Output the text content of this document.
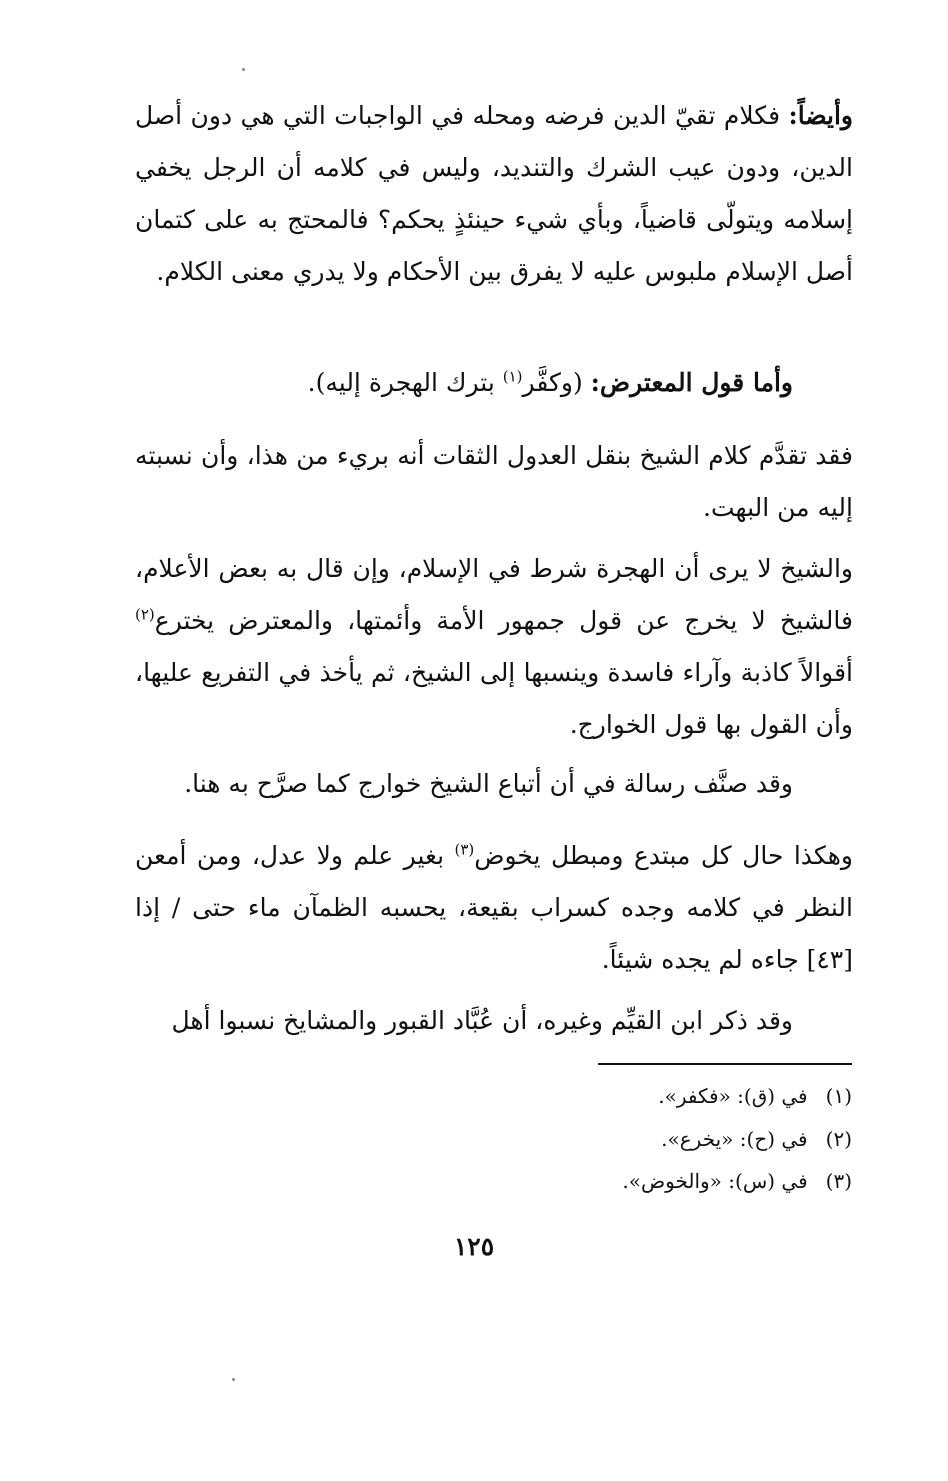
وأيضاً: فكلام تقيّ الدين فرضه ومحله في الواجبات التي هي دون أصل الدين، ودون عيب الشرك والتنديد، وليس في كلامه أن الرجل يخفي إسلامه ويتولّى قاضياً، وبأي شيء حينئذٍ يحكم؟ فالمحتج به على كتمان أصل الإسلام ملبوس عليه لا يفرق بين الأحكام ولا يدري معنى الكلام.

وأما قول المعترض: (وكفَّر$^{(١)}$ بترك الهجرة إليه).

فقد تقدَّم كلام الشيخ بنقل العدول الثقات أنه بريء من هذا، وأن نسبته إليه من البهت.

والشيخ لا يرى أن الهجرة شرط في الإسلام، وإن قال به بعض الأعلام، فالشيخ لا يخرج عن قول جمهور الأمة وأئمتها، والمعترض يخترع$^{(٢)}$ أقوالاً كاذبة وآراء فاسدة وينسبها إلى الشيخ، ثم يأخذ في التفريع عليها، وأن القول بها قول الخوارج.

وقد صنَّف رسالة في أن أتباع الشيخ خوارج كما صرَّح به هنا.

وهكذا حال كل مبتدع ومبطل يخوض$^{(٣)}$ بغير علم ولا عدل، ومن أمعن النظر في كلامه وجده كسراب بقيعة، يحسبه الظمآن ماء حتى / إذا [٤٣] جاءه لم يجده شيئاً.

وقد ذكر ابن القيِّم وغيره، أن عُبَّاد القبور والمشايخ نسبوا أهل

(١)في (ق): «فكفر».

(٢)في (ح): «يخرع».

(٣)في (س): «والخوض».

١٢٥
